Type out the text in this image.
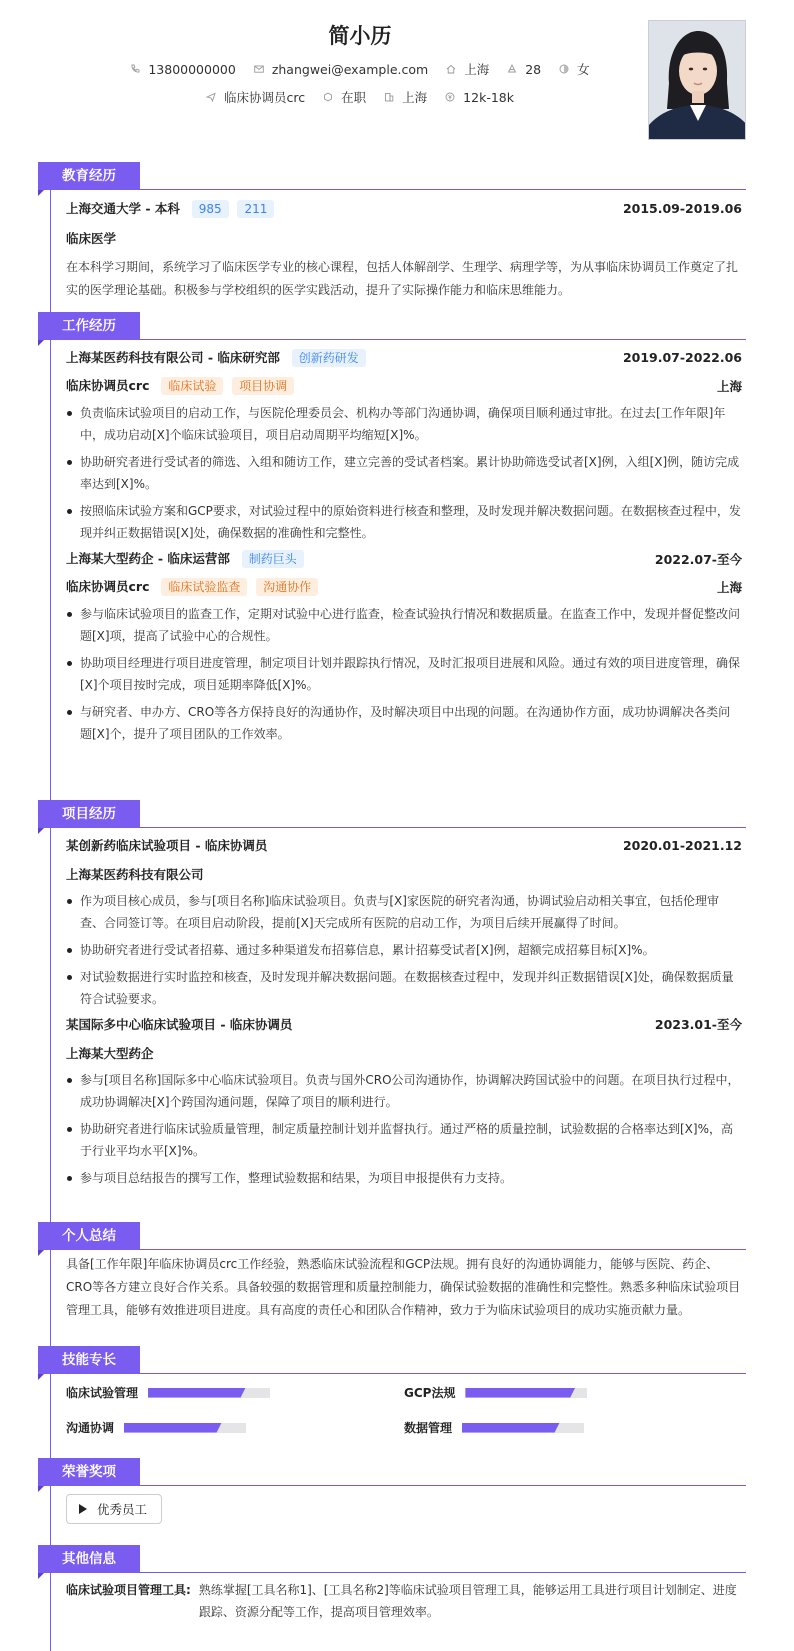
简小历
13800000000	zhangwei@example.com	上海	28	女
临床协调员crc	在职	上海	12k-18k
教育经历
上海交通大学 - 本科 985 211	2015.09-2019.06
临床医学
在本科学习期间，系统学习了临床医学专业的核心课程，包括人体解剖学、生理学、病理学等，为从事临床协调员工作奠定了扎实的医学理论基础。积极参与学校组织的医学实践活动，提升了实际操作能力和临床思维能力。
工作经历
上海某医药科技有限公司 - 临床研究部 创新药研发	2019.07-2022.06
临床协调员crc 临床试验 项目协调	上海
负责临床试验项目的启动工作，与医院伦理委员会、机构办等部门沟通协调，确保项目顺利通过审批。在过去[工作年限]年中，成功启动[X]个临床试验项目，项目启动周期平均缩短[X]%。
协助研究者进行受试者的筛选、入组和随访工作，建立完善的受试者档案。累计协助筛选受试者[X]例，入组[X]例，随访完成率达到[X]%。
按照临床试验方案和GCP要求，对试验过程中的原始资料进行核查和整理，及时发现并解决数据问题。在数据核查过程中，发现并纠正数据错误[X]处，确保数据的准确性和完整性。
上海某大型药企 - 临床运营部 制药巨头	2022.07-至今
临床协调员crc 临床试验监查 沟通协作	上海
参与临床试验项目的监查工作，定期对试验中心进行监查，检查试验执行情况和数据质量。在监查工作中，发现并督促整改问题[X]项，提高了试验中心的合规性。
协助项目经理进行项目进度管理，制定项目计划并跟踪执行情况，及时汇报项目进展和风险。通过有效的项目进度管理，确保[X]个项目按时完成，项目延期率降低[X]%。
与研究者、申办方、CRO等各方保持良好的沟通协作，及时解决项目中出现的问题。在沟通协作方面，成功协调解决各类问题[X]个，提升了项目团队的工作效率。
项目经历
某创新药临床试验项目 - 临床协调员	2020.01-2021.12
上海某医药科技有限公司
作为项目核心成员，参与[项目名称]临床试验项目。负责与[X]家医院的研究者沟通，协调试验启动相关事宜，包括伦理审查、合同签订等。在项目启动阶段，提前[X]天完成所有医院的启动工作，为项目后续开展赢得了时间。
协助研究者进行受试者招募、通过多种渠道发布招募信息，累计招募受试者[X]例，超额完成招募目标[X]%。
对试验数据进行实时监控和核查，及时发现并解决数据问题。在数据核查过程中，发现并纠正数据错误[X]处，确保数据质量符合试验要求。
某国际多中心临床试验项目 - 临床协调员	2023.01-至今
上海某大型药企
参与[项目名称]国际多中心临床试验项目。负责与国外CRO公司沟通协作，协调解决跨国试验中的问题。在项目执行过程中，成功协调解决[X]个跨国沟通问题，保障了项目的顺利进行。
协助研究者进行临床试验质量管理，制定质量控制计划并监督执行。通过严格的质量控制，试验数据的合格率达到[X]%，高于行业平均水平[X]%。
参与项目总结报告的撰写工作，整理试验数据和结果，为项目申报提供有力支持。
个人总结
具备[工作年限]年临床协调员crc工作经验，熟悉临床试验流程和GCP法规。拥有良好的沟通协调能力，能够与医院、药企、CRO等各方建立良好合作关系。具备较强的数据管理和质量控制能力，确保试验数据的准确性和完整性。熟悉多种临床试验项目管理工具，能够有效推进项目进度。具有高度的责任心和团队合作精神，致力于为临床试验项目的成功实施贡献力量。
技能专长
临床试验管理	GCP法规
沟通协调	数据管理
荣誉奖项
优秀员工
其他信息
临床试验项目管理工具: 熟练掌握[工具名称1]、[工具名称2]等临床试验项目管理工具，能够运用工具进行项目计划制定、进度跟踪、资源分配等工作，提高项目管理效率。
